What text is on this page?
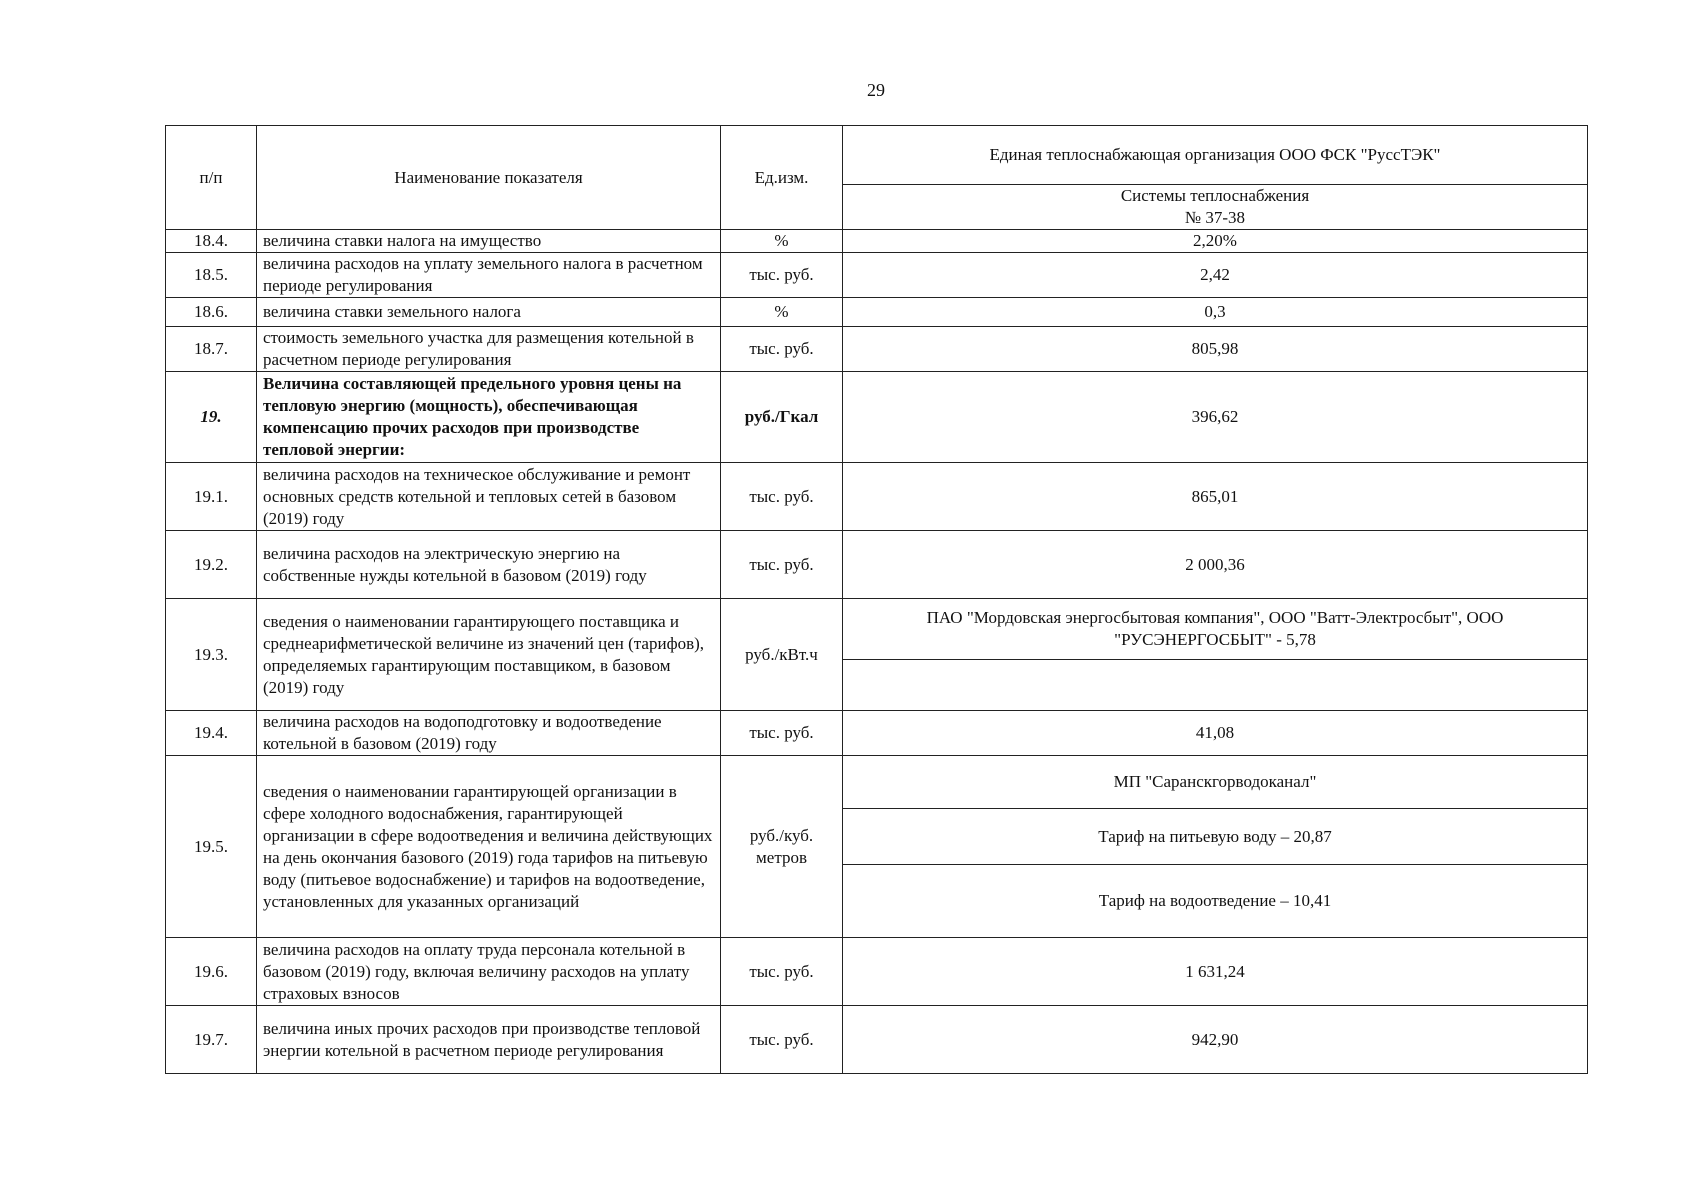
29
п/п	Наименование показателя	Ед.изм.	Единая теплоснабжающая организация ООО ФСК "РуссТЭК"
			Системы теплоснабжения
№ 37-38
18.4.	величина ставки налога на имущество	%	2,20%
18.5.	величина расходов на уплату земельного налога в расчетном периоде регулирования	тыс. руб.	2,42
18.6.	величина ставки земельного налога	%	0,3
18.7.	стоимость земельного участка для размещения котельной в расчетном периоде регулирования	тыс. руб.	805,98
19.	Величина составляющей предельного уровня цены на тепловую энергию (мощность), обеспечивающая компенсацию прочих расходов при производстве тепловой энергии:	руб./Гкал	396,62
19.1.	величина расходов на техническое обслуживание и ремонт основных средств котельной и тепловых сетей в базовом (2019) году	тыс. руб.	865,01
19.2.	величина расходов на электрическую энергию на собственные нужды котельной в базовом (2019) году	тыс. руб.	2 000,36
19.3.	сведения о наименовании гарантирующего поставщика и среднеарифметической величине из значений цен (тарифов), определяемых гарантирующим поставщиком, в базовом (2019) году	руб./кВт.ч	ПАО "Мордовская энергосбытовая компания", ООО "Ватт-Электросбыт", ООО "РУСЭНЕРГОСБЫТ" - 5,78

19.4.	величина расходов на водоподготовку и водоотведение котельной в базовом (2019) году	тыс. руб.	41,08
19.5.	сведения о наименовании гарантирующей организации в сфере холодного водоснабжения, гарантирующей организации в сфере водоотведения и величина действующих на день окончания базового (2019) года тарифов на питьевую воду (питьевое водоснабжение) и тарифов на водоотведение, установленных для указанных организаций	руб./куб. метров	МП "Саранскгорводоканал"
			Тариф на питьевую воду – 20,87
			Тариф на водоотведение – 10,41
19.6.	величина расходов на оплату труда персонала котельной в базовом (2019) году, включая величину расходов на уплату страховых взносов	тыс. руб.	1 631,24
19.7.	величина иных прочих расходов при производстве тепловой энергии котельной в расчетном периоде регулирования	тыс. руб.	942,90
